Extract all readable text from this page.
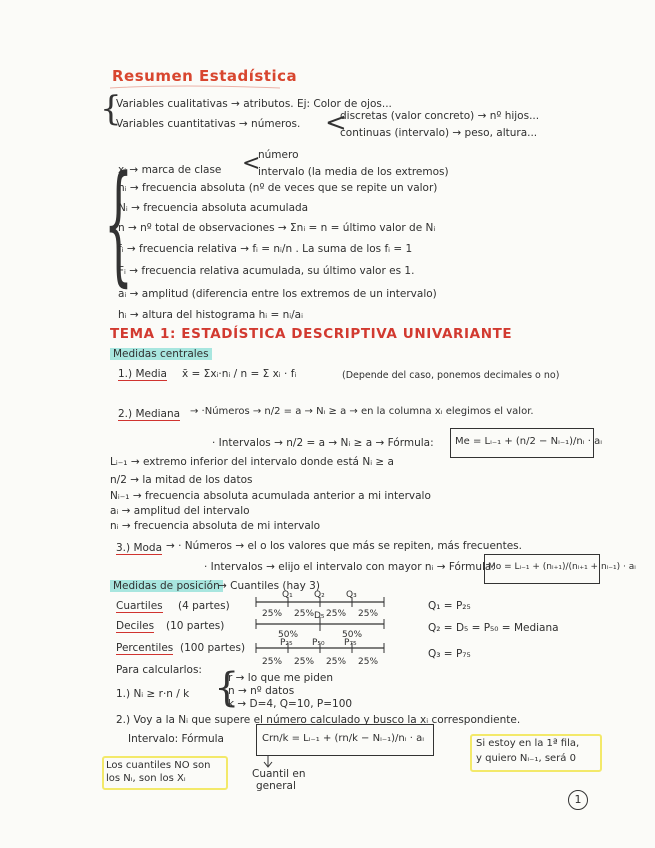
Resumen Estadística
{
Variables cualitativas → atributos. Ej: Color de ojos...
Variables cuantitativas → números. <
discretas (valor concreto) → nº hijos...
continuas (intervalo) → peso, altura...
{	número
xᵢ → marca de clase <
intervalo (la media de los extremos)
nᵢ → frecuencia absoluta (nº de veces que se repite un valor)
Nᵢ → frecuencia absoluta acumulada
n → nº total de observaciones → Σnᵢ = n = último valor de Nᵢ
fᵢ → frecuencia relativa → fᵢ = nᵢ/n . La suma de los fᵢ = 1
Fᵢ → frecuencia relativa acumulada, su último valor es 1.
aᵢ → amplitud (diferencia entre los extremos de un intervalo)
hᵢ → altura del histograma hᵢ = nᵢ/aᵢ
TEMA 1: ESTADÍSTICA DESCRIPTIVA UNIVARIANTE
Medidas centrales
1.) Media x̄ = Σxᵢ·nᵢ / n = Σ xᵢ · fᵢ	(Depende del caso, ponemos decimales o no)
2.) Mediana → ·Números → n/2 = a → Nᵢ ≥ a → en la columna xᵢ elegimos el valor.
· Intervalos → n/2 = a → Nᵢ ≥ a → Fórmula: Me = Lᵢ₋₁ + (n/2 − Nᵢ₋₁)/nᵢ · aᵢ
Lᵢ₋₁ → extremo inferior del intervalo donde está Nᵢ ≥ a
n/2 → la mitad de los datos
Nᵢ₋₁ → frecuencia absoluta acumulada anterior a mi intervalo
aᵢ → amplitud del intervalo
nᵢ → frecuencia absoluta de mi intervalo
3.) Moda → · Números → el o los valores que más se repiten, más frecuentes.
· Intervalos → elijo el intervalo con mayor nᵢ → Fórmula:
Mo = Lᵢ₋₁ + (nᵢ₊₁)/(nᵢ₊₁ + nᵢ₋₁) · aᵢ
Medidas de posición
→ Cuantiles (hay 3)
Cuartiles (4 partes)
Q₁ Q₂ Q₃
25% 25% 25% 25%
Deciles (10 partes)
D₅
50%	50%
Percentiles (100 partes)	P₂₅ P₅₀ P₇₅
25% 25% 25% 25%
Q₁ = P₂₅
Q₂ = D₅ = P₅₀ = Mediana
Q₃ = P₇₅
Para calcularlos:
1.) Nᵢ ≥ r·n / k {
r → lo que me piden
n → nº datos
k → D=4, Q=10, P=100
2.) Voy a la Nᵢ que supere el número calculado y busco la xᵢ correspondiente.
Intervalo: Fórmula	Crn/k = Lᵢ₋₁ + (rn/k − Nᵢ₋₁)/nᵢ · aᵢ
Cuantil en
general
Los cuantiles NO son
los Nᵢ, son los Xᵢ
Si estoy en la 1ª fila,
y quiero Nᵢ₋₁, será 0
1
